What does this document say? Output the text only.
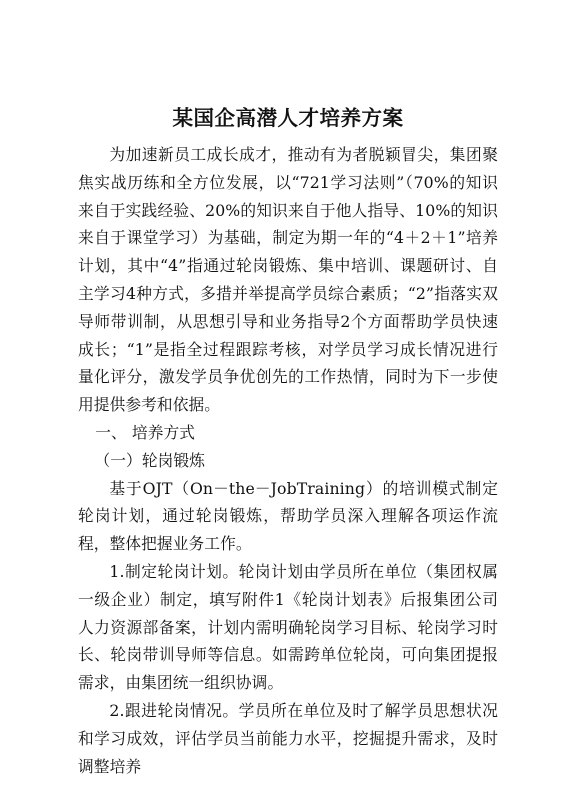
某国企高潜人才培养方案

为加速新员工成长成才，推动有为者脱颖冒尖，集团聚焦实战历练和全方位发展，以“721学习法则”（70%的知识来自于实践经验、20%的知识来自于他人指导、10%的知识来自于课堂学习）为基础，制定为期一年的“4＋2＋1”培养计划，其中“4”指通过轮岗锻炼、集中培训、课题研讨、自主学习4种方式，多措并举提高学员综合素质；“2”指落实双导师带训制，从思想引导和业务指导2个方面帮助学员快速成长；“1”是指全过程跟踪考核，对学员学习成长情况进行量化评分，激发学员争优创先的工作热情，同时为下一步使用提供参考和依据。

一、 培养方式

（一）轮岗锻炼

基于OJT（On－the－JobTraining）的培训模式制定轮岗计划，通过轮岗锻炼，帮助学员深入理解各项运作流程，整体把握业务工作。

1.制定轮岗计划。轮岗计划由学员所在单位（集团权属一级企业）制定，填写附件1《轮岗计划表》后报集团公司人力资源部备案，计划内需明确轮岗学习目标、轮岗学习时长、轮岗带训导师等信息。如需跨单位轮岗，可向集团提报需求，由集团统一组织协调。

2.跟进轮岗情况。学员所在单位及时了解学员思想状况和学习成效，评估学员当前能力水平，挖掘提升需求，及时调整培养
